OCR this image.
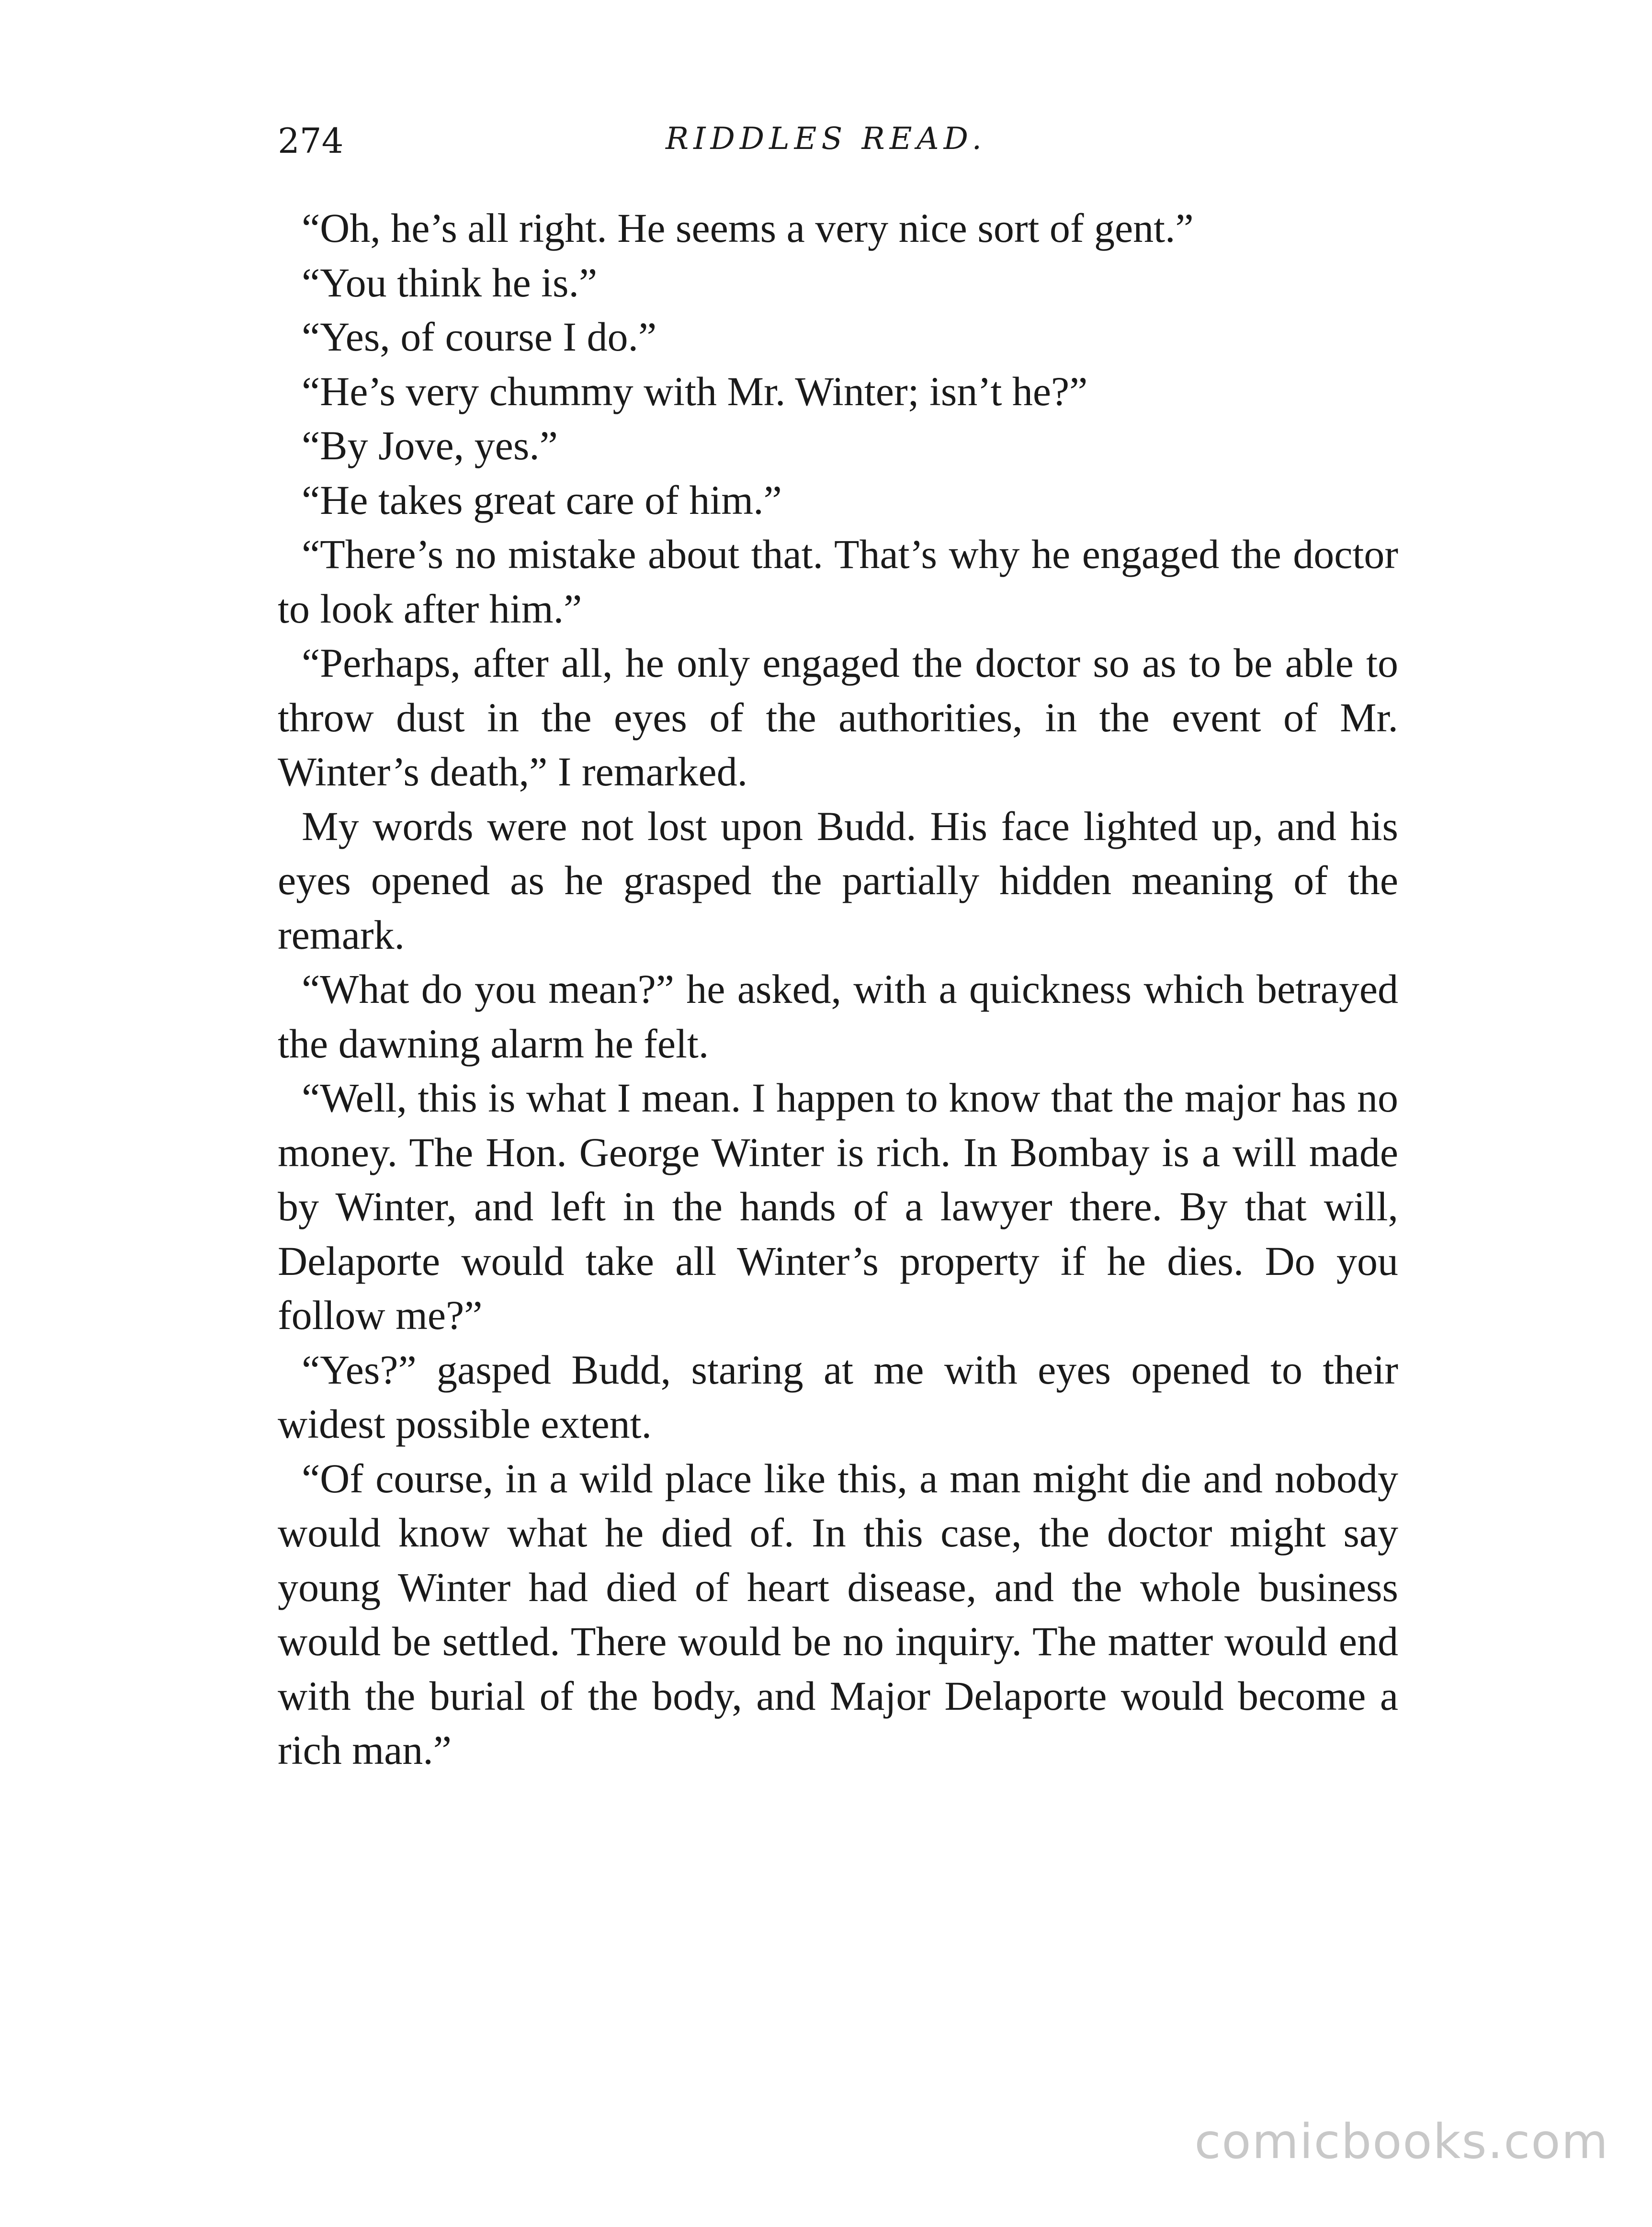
274	RIDDLES READ.

“Oh, he’s all right. He seems a very nice sort of gent.”

“You think he is.”

“Yes, of course I do.”

“He’s very chummy with Mr. Winter; isn’t he?”

“By Jove, yes.”

“He takes great care of him.”

“There’s no mistake about that. That’s why he engaged the doctor to look after him.”

“Perhaps, after all, he only engaged the doctor so as to be able to throw dust in the eyes of the authorities, in the event of Mr. Winter’s death,” I remarked.

My words were not lost upon Budd. His face lighted up, and his eyes opened as he grasped the partially hidden meaning of the remark.

“What do you mean?” he asked, with a quickness which betrayed the dawning alarm he felt.

“Well, this is what I mean. I happen to know that the major has no money. The Hon. George Winter is rich. In Bombay is a will made by Winter, and left in the hands of a lawyer there. By that will, Delaporte would take all Winter’s property if he dies. Do you follow me?”

“Yes?” gasped Budd, staring at me with eyes opened to their widest possible extent.

“Of course, in a wild place like this, a man might die and nobody would know what he died of. In this case, the doctor might say young Winter had died of heart disease, and the whole business would be settled. There would be no inquiry. The matter would end with the burial of the body, and Major Delaporte would become a rich man.”

comicbooks.com
